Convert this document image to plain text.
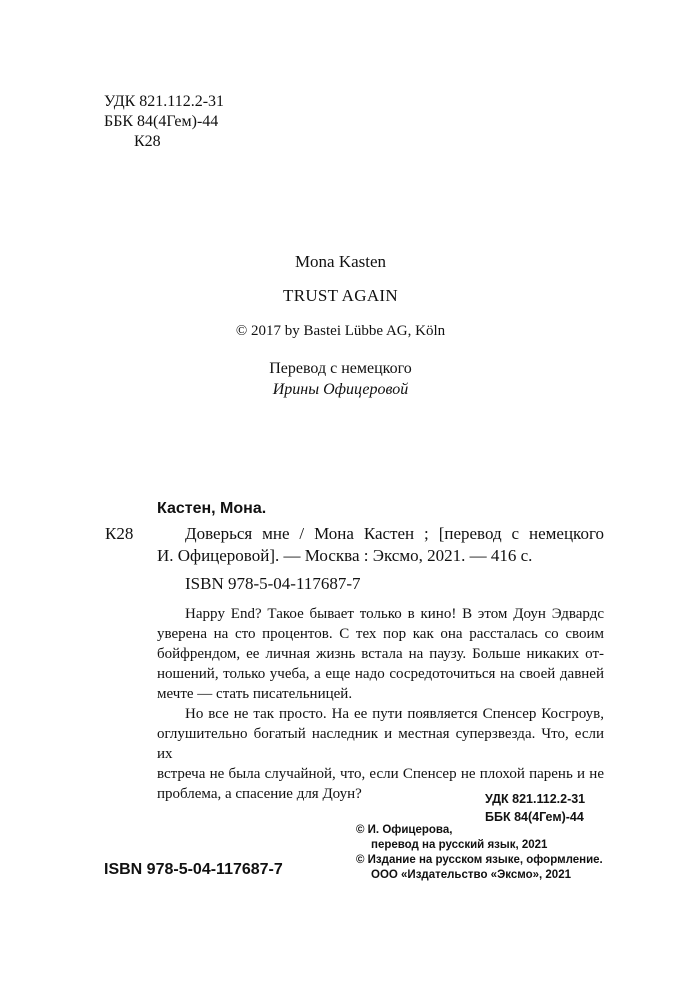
УДК 821.112.2-31
ББК 84(4Гем)-44
К28
Mona Kasten
TRUST AGAIN
© 2017 by Bastei Lübbe AG, Köln
Перевод с немецкого
Ирины Офицеровой
Кастен, Мона.
К28	Доверься мне / Мона Кастен ; [перевод с немецкого
И. Офицеровой]. — Москва : Эксмо, 2021. — 416 с.
ISBN 978-5-04-117687-7
Happy End? Такое бывает только в кино! В этом Доун Эдвардс
уверена на сто процентов. С тех пор как она рассталась со своим
бойфрендом, ее личная жизнь встала на паузу. Больше никаких от-
ношений, только учеба, а еще надо сосредоточиться на своей давней
мечте — стать писательницей.
Но все не так просто. На ее пути появляется Спенсер Косгроув,
оглушительно богатый наследник и местная суперзвезда. Что, если их
встреча не была случайной, что, если Спенсер не плохой парень и не
проблема, а спасение для Доун?	УДК 821.112.2-31
ББК 84(4Гем)-44
ISBN 978-5-04-117687-7
© И. Офицерова,
перевод на русский язык, 2021
© Издание на русском языке, оформление.
ООО «Издательство «Эксмо», 2021
